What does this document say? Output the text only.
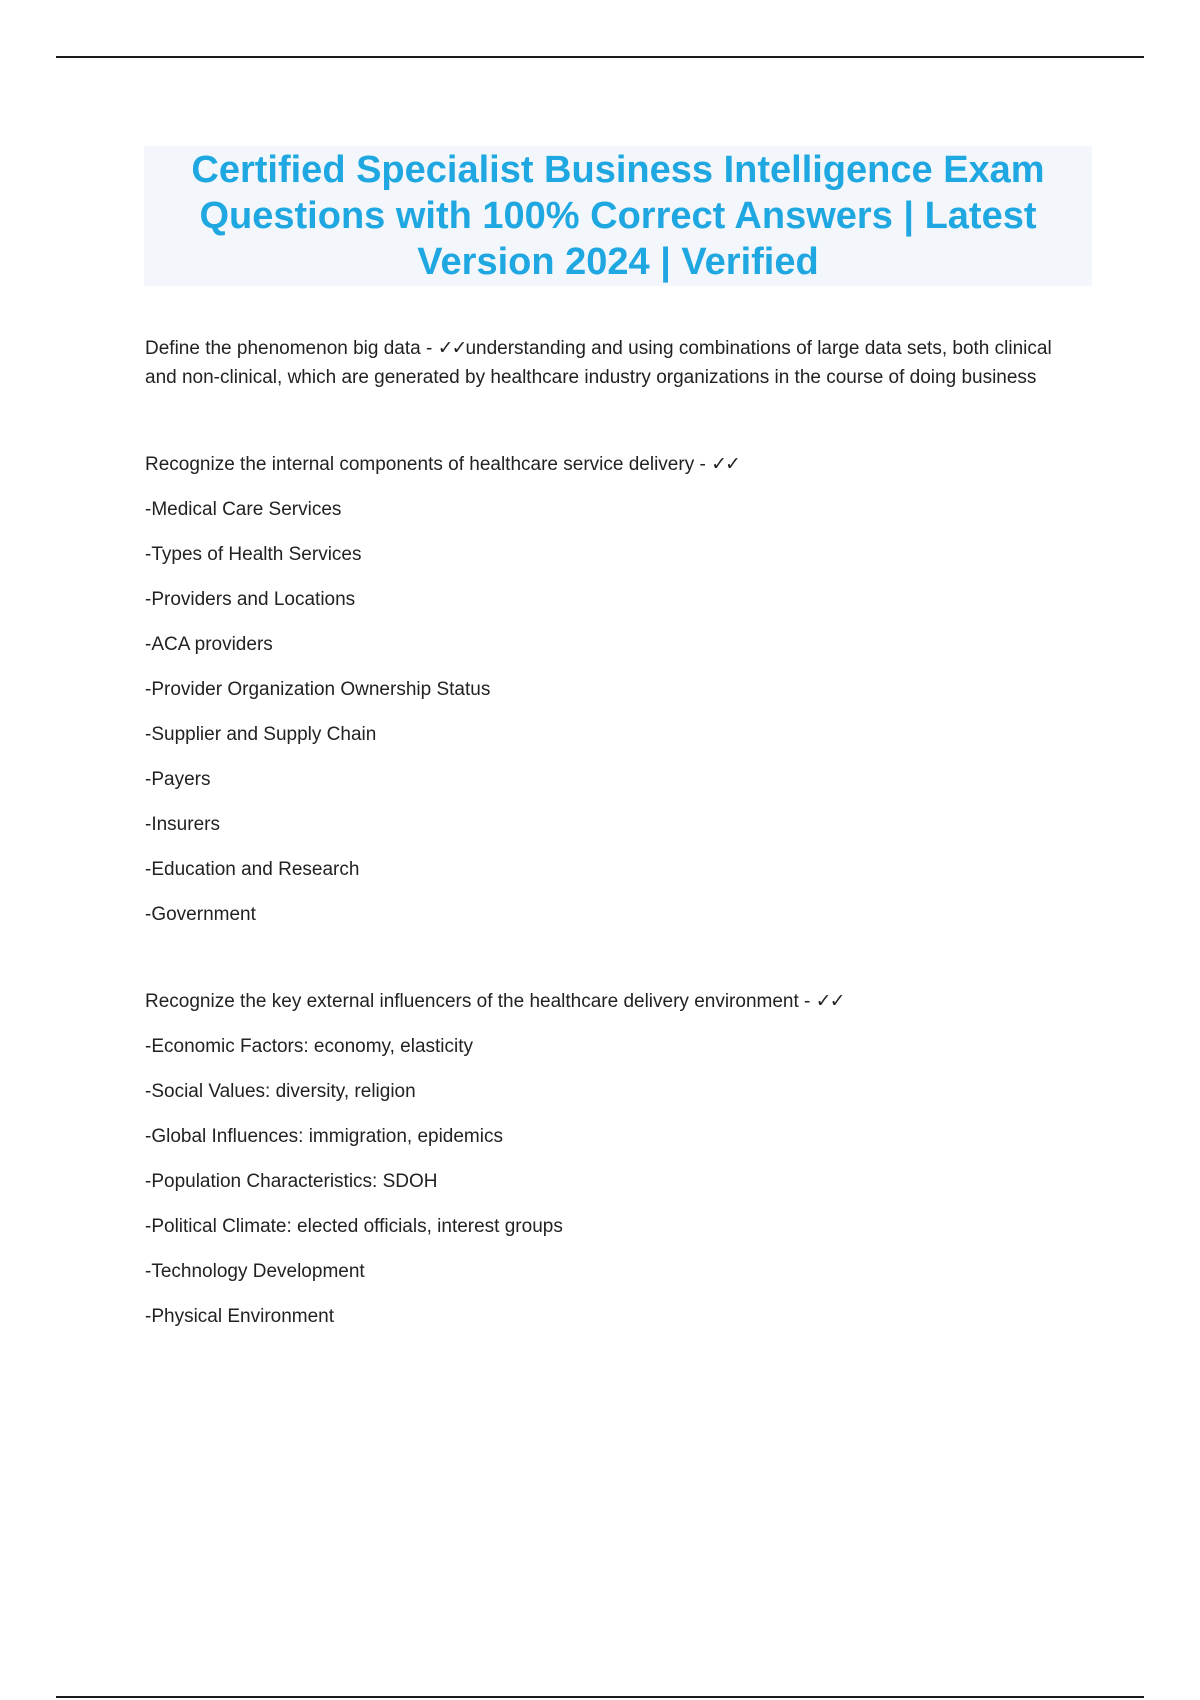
Certified Specialist Business Intelligence Exam Questions with 100% Correct Answers | Latest Version 2024 | Verified

Define the phenomenon big data - ✓✓understanding and using combinations of large data sets, both clinical and non-clinical, which are generated by healthcare industry organizations in the course of doing business

Recognize the internal components of healthcare service delivery - ✓✓

-Medical Care Services

-Types of Health Services

-Providers and Locations

-ACA providers

-Provider Organization Ownership Status

-Supplier and Supply Chain

-Payers

-Insurers

-Education and Research

-Government

Recognize the key external influencers of the healthcare delivery environment - ✓✓

-Economic Factors: economy, elasticity

-Social Values: diversity, religion

-Global Influences: immigration, epidemics

-Population Characteristics: SDOH

-Political Climate: elected officials, interest groups

-Technology Development

-Physical Environment
